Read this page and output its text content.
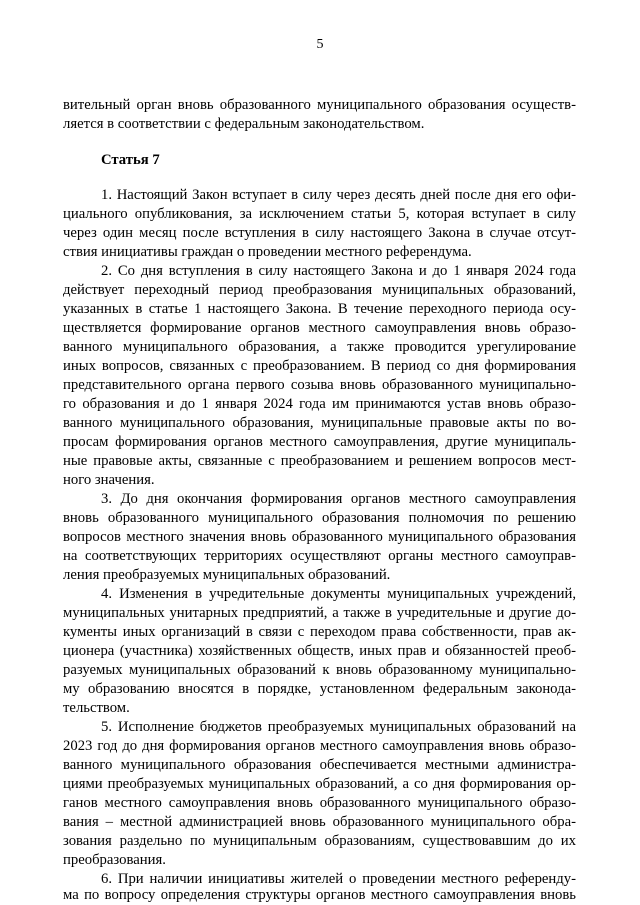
5
вительный орган вновь образованного муниципального образования осуществ-
ляется в соответствии с федеральным законодательством.
Статья 7
1. Настоящий Закон вступает в силу через десять дней после дня его офи-
циального опубликования, за исключением статьи 5, которая вступает в силу
через один месяц после вступления в силу настоящего Закона в случае отсут-
ствия инициативы граждан о проведении местного референдума.
2. Со дня вступления в силу настоящего Закона и до 1 января 2024 года
действует переходный период преобразования муниципальных образований,
указанных в статье 1 настоящего Закона. В течение переходного периода осу-
ществляется формирование органов местного самоуправления вновь образо-
ванного муниципального образования, а также проводится урегулирование
иных вопросов, связанных с преобразованием. В период со дня формирования
представительного органа первого созыва вновь образованного муниципально-
го образования и до 1 января 2024 года им принимаются устав вновь образо-
ванного муниципального образования, муниципальные правовые акты по во-
просам формирования органов местного самоуправления, другие муниципаль-
ные правовые акты, связанные с преобразованием и решением вопросов мест-
ного значения.
3. До дня окончания формирования органов местного самоуправления
вновь образованного муниципального образования полномочия по решению
вопросов местного значения вновь образованного муниципального образования
на соответствующих территориях осуществляют органы местного самоуправ-
ления преобразуемых муниципальных образований.
4. Изменения в учредительные документы муниципальных учреждений,
муниципальных унитарных предприятий, а также в учредительные и другие до-
кументы иных организаций в связи с переходом права собственности, прав ак-
ционера (участника) хозяйственных обществ, иных прав и обязанностей преоб-
разуемых муниципальных образований к вновь образованному муниципально-
му образованию вносятся в порядке, установленном федеральным законода-
тельством.
5. Исполнение бюджетов преобразуемых муниципальных образований на
2023 год до дня формирования органов местного самоуправления вновь образо-
ванного муниципального образования обеспечивается местными администра-
циями преобразуемых муниципальных образований, а со дня формирования ор-
ганов местного самоуправления вновь образованного муниципального образо-
вания – местной администрацией вновь образованного муниципального обра-
зования раздельно по муниципальным образованиям, существовавшим до их
преобразования.
6. При наличии инициативы жителей о проведении местного референду-
ма по вопросу определения структуры органов местного самоуправления вновь
